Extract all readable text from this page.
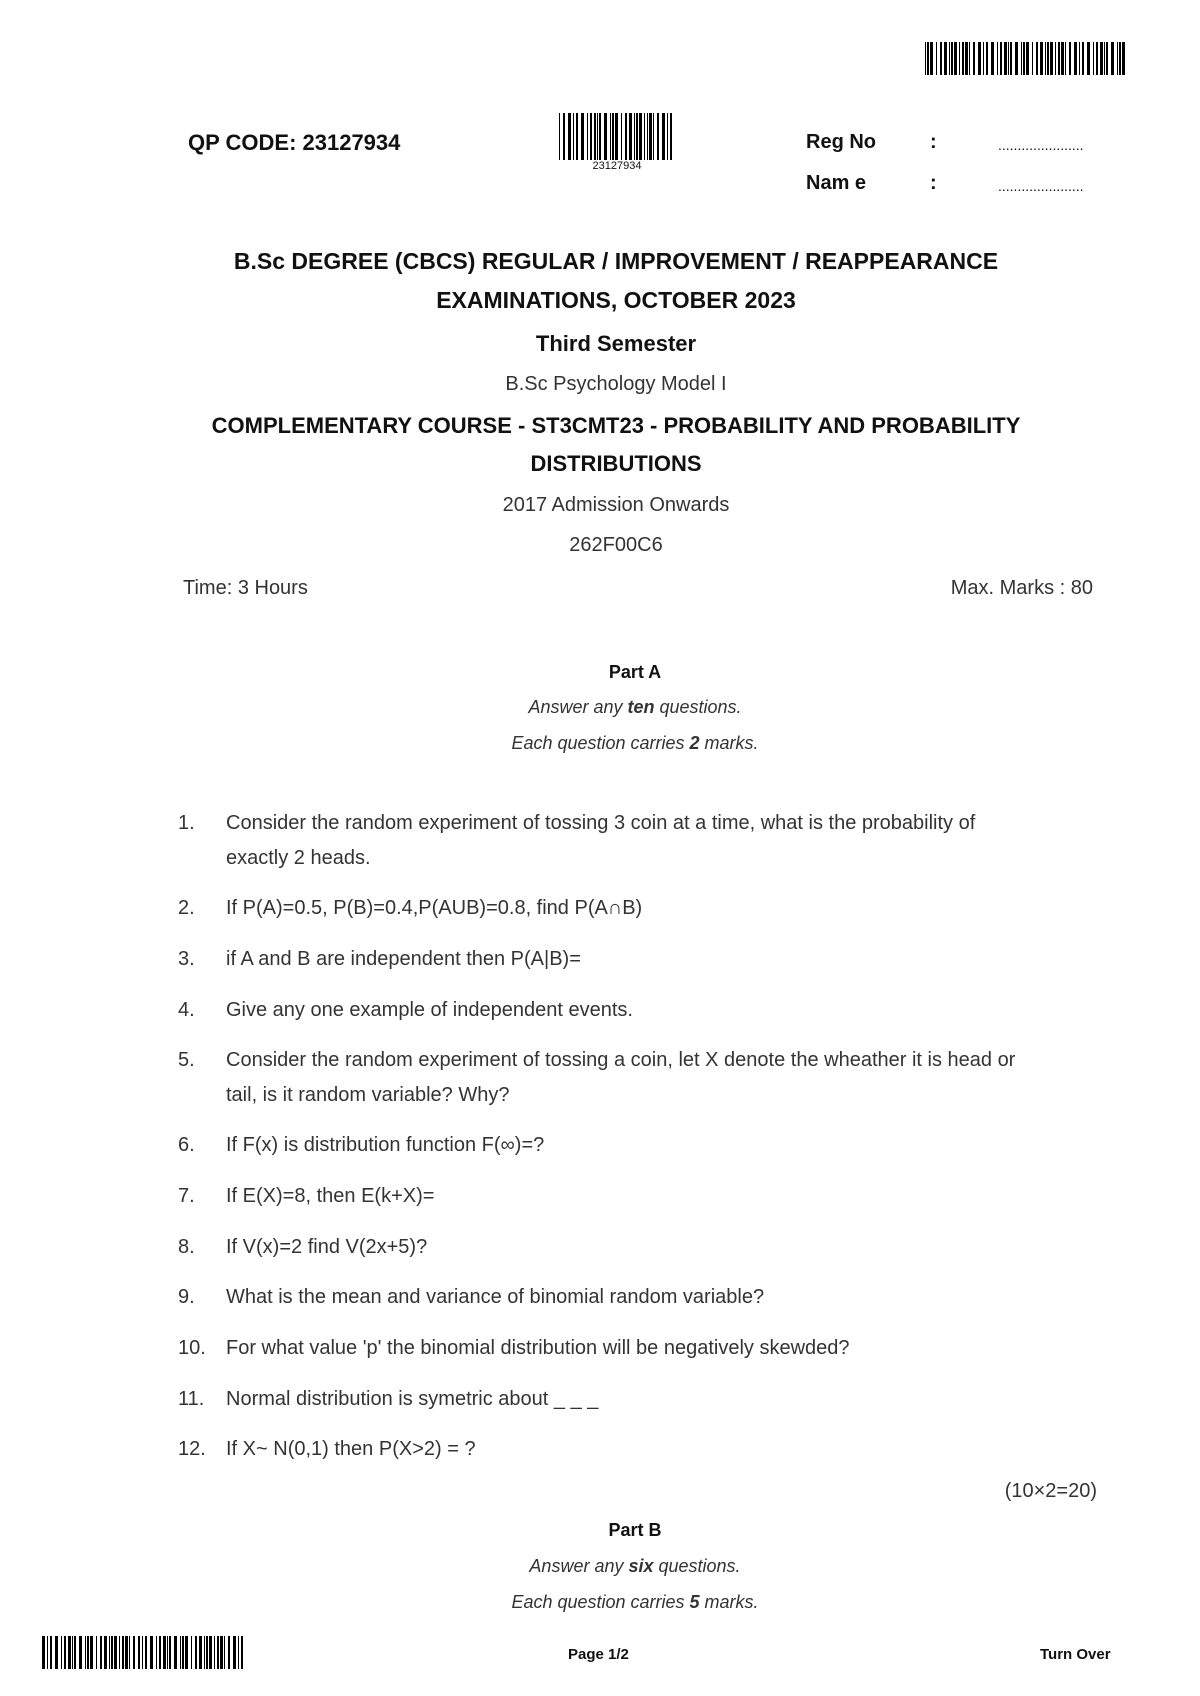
QP CODE: 23127934
23127934
Reg No	:	......................
Nam e	:	......................
B.Sc DEGREE (CBCS) REGULAR / IMPROVEMENT / REAPPEARANCE
EXAMINATIONS, OCTOBER 2023
Third Semester
B.Sc Psychology Model I
COMPLEMENTARY COURSE - ST3CMT23 - PROBABILITY AND PROBABILITY
DISTRIBUTIONS
2017 Admission Onwards
262F00C6
Time: 3 Hours	Max. Marks : 80
Part A
Answer any ten questions.
Each question carries 2 marks.
1.	Consider the random experiment of tossing 3 coin at a time, what is the probability of
exactly 2 heads.
2.	If P(A)=0.5, P(B)=0.4,P(AUB)=0.8, find P(A∩B)
3.	if A and B are independent then P(A|B)=
4.	Give any one example of independent events.
5.	Consider the random experiment of tossing a coin, let X denote the wheather it is head or
tail, is it random variable? Why?
6.	If F(x) is distribution function F(∞)=?
7.	If E(X)=8, then E(k+X)=
8.	If V(x)=2 find V(2x+5)?
9.	What is the mean and variance of binomial random variable?
10.	For what value 'p' the binomial distribution will be negatively skewded?
11.	Normal distribution is symetric about _ _ _
12.	If X~ N(0,1) then P(X>2) = ?
(10×2=20)
Part B
Answer any six questions.
Each question carries 5 marks.
Page 1/2	Turn Over
